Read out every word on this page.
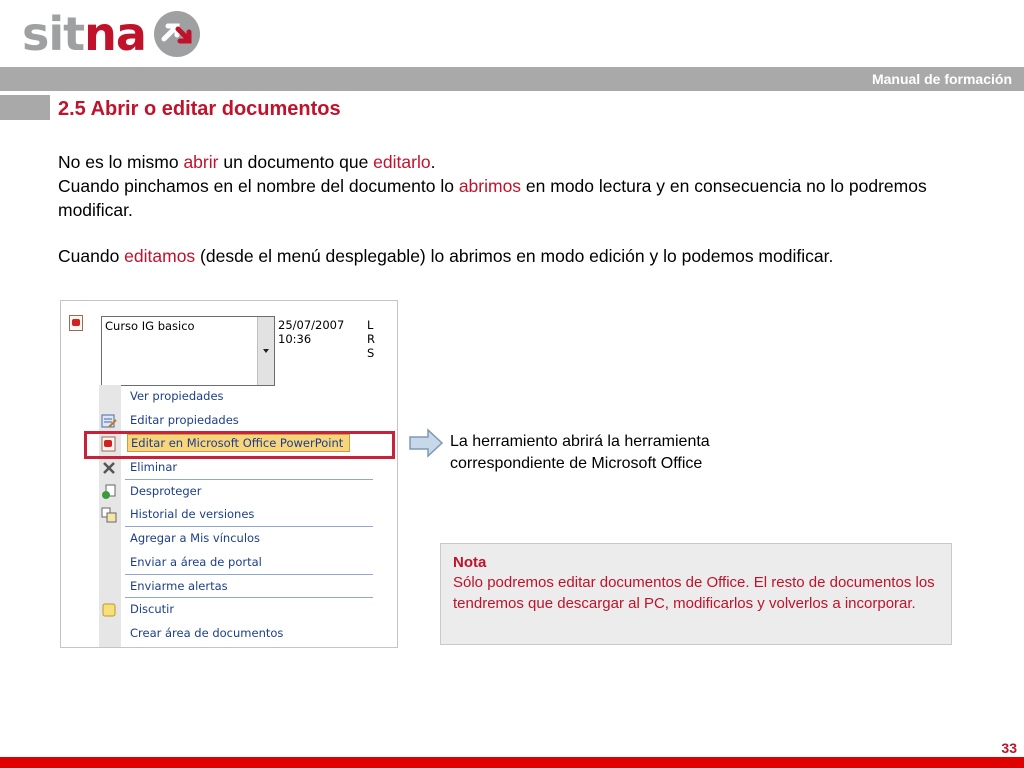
sitna
Manual de formación
2.5 Abrir o editar documentos

No es lo mismo abrir un documento que editarlo.

Cuando pinchamos en el nombre del documento lo abrimos en modo lectura y en consecuencia no lo podremos modificar.

Cuando editamos (desde el menú desplegable) lo abrimos en modo edición y lo podemos modificar.

Curso IG basico	25/07/2007
10:36
L
R
S
Ver propiedades
Editar propiedades
Editar en Microsoft Office PowerPoint
Eliminar
Desproteger
Historial de versiones
Agregar a Mis vínculos
Enviar a área de portal
Enviarme alertas
Discutir
Crear área de documentos

La herramiento abrirá la herramienta
correspondiente de Microsoft Office

Nota

Sólo podremos editar documentos de Office. El resto de documentos los tendremos que descargar al PC, modificarlos y volverlos a incorporar.

33
